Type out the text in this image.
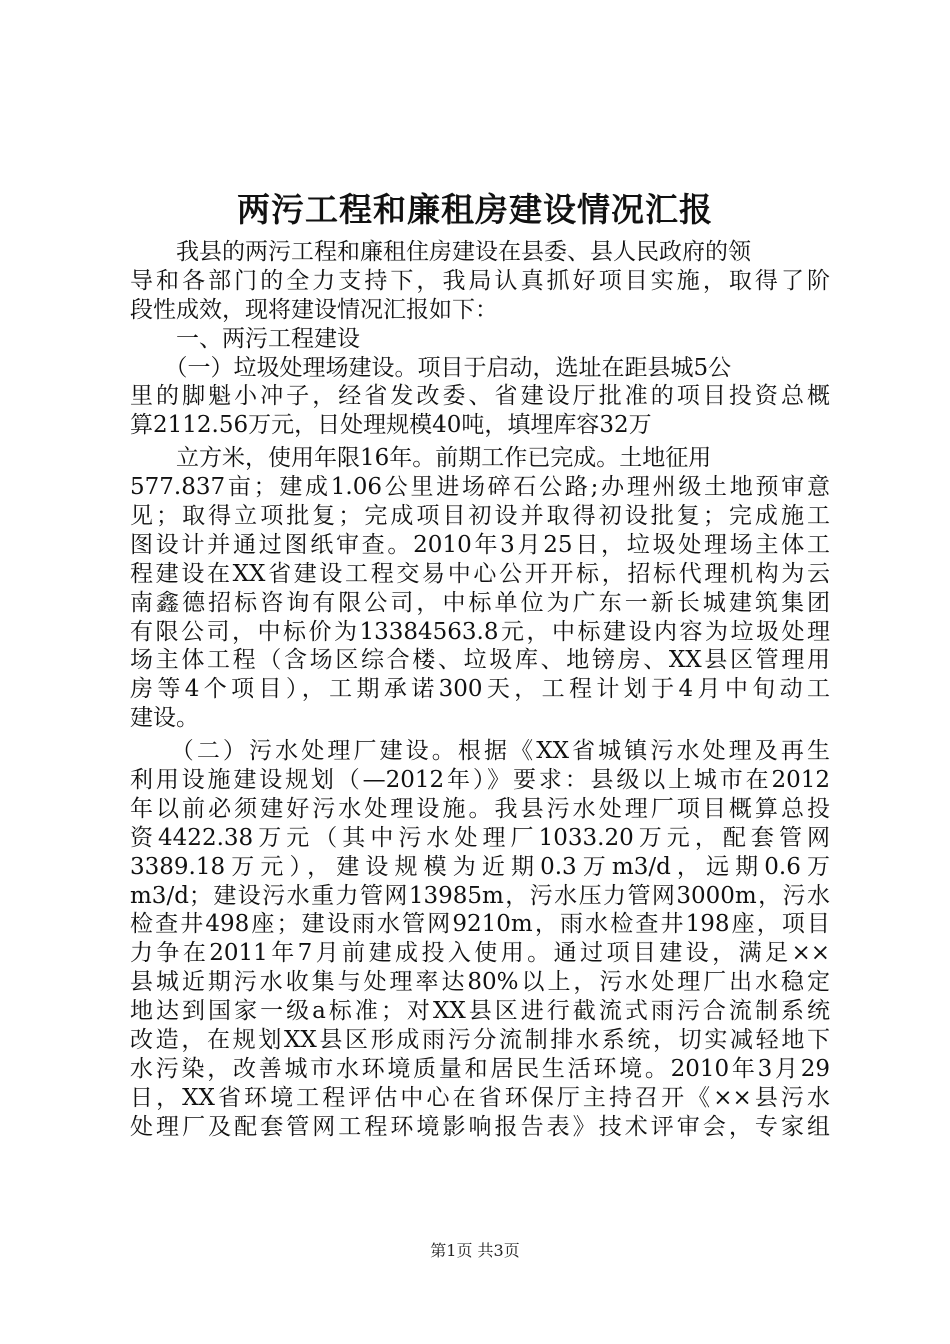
两污工程和廉租房建设情况汇报
　　我县的两污工程和廉租住房建设在县委、县人民政府的领
导和各部门的全力支持下，我局认真抓好项目实施，取得了阶
段性成效，现将建设情况汇报如下：
　　一、两污工程建设
　　（一）垃圾处理场建设。项目于启动，选址在距县城5公
里的脚魁小冲子，经省发改委、省建设厅批准的项目投资总概
算2112.56万元，日处理规模40吨，填埋库容32万
　　立方米，使用年限16年。前期工作已完成。土地征用
577.837亩；建成1.06公里进场碎石公路;办理州级土地预审意
见；取得立项批复；完成项目初设并取得初设批复；完成施工
图设计并通过图纸审查。2010年3月25日，垃圾处理场主体工
程建设在XX省建设工程交易中心公开开标，招标代理机构为云
南鑫德招标咨询有限公司，中标单位为广东一新长城建筑集团
有限公司，中标价为13384563.8元，中标建设内容为垃圾处理
场主体工程（含场区综合楼、垃圾库、地镑房、XX县区管理用
房等4个项目），工期承诺300天，工程计划于4月中旬动工
建设。
　　（二）污水处理厂建设。根据《XX省城镇污水处理及再生
利用设施建设规划（—2012年）》要求：县级以上城市在2012
年以前必须建好污水处理设施。我县污水处理厂项目概算总投
资4422.38万元（其中污水处理厂1033.20万元，配套管网
3389.18万元），建设规模为近期0.3万m3/d，远期0.6万
m3/d；建设污水重力管网13985m，污水压力管网3000m，污水
检查井498座；建设雨水管网9210m，雨水检查井198座，项目
力争在2011年7月前建成投入使用。通过项目建设，满足××
县城近期污水收集与处理率达80%以上，污水处理厂出水稳定
地达到国家一级a标准；对XX县区进行截流式雨污合流制系统
改造，在规划XX县区形成雨污分流制排水系统，切实减轻地下
水污染，改善城市水环境质量和居民生活环境。2010年3月29
日，XX省环境工程评估中心在省环保厅主持召开《××县污水
处理厂及配套管网工程环境影响报告表》技术评审会，专家组
第1页 共3页
